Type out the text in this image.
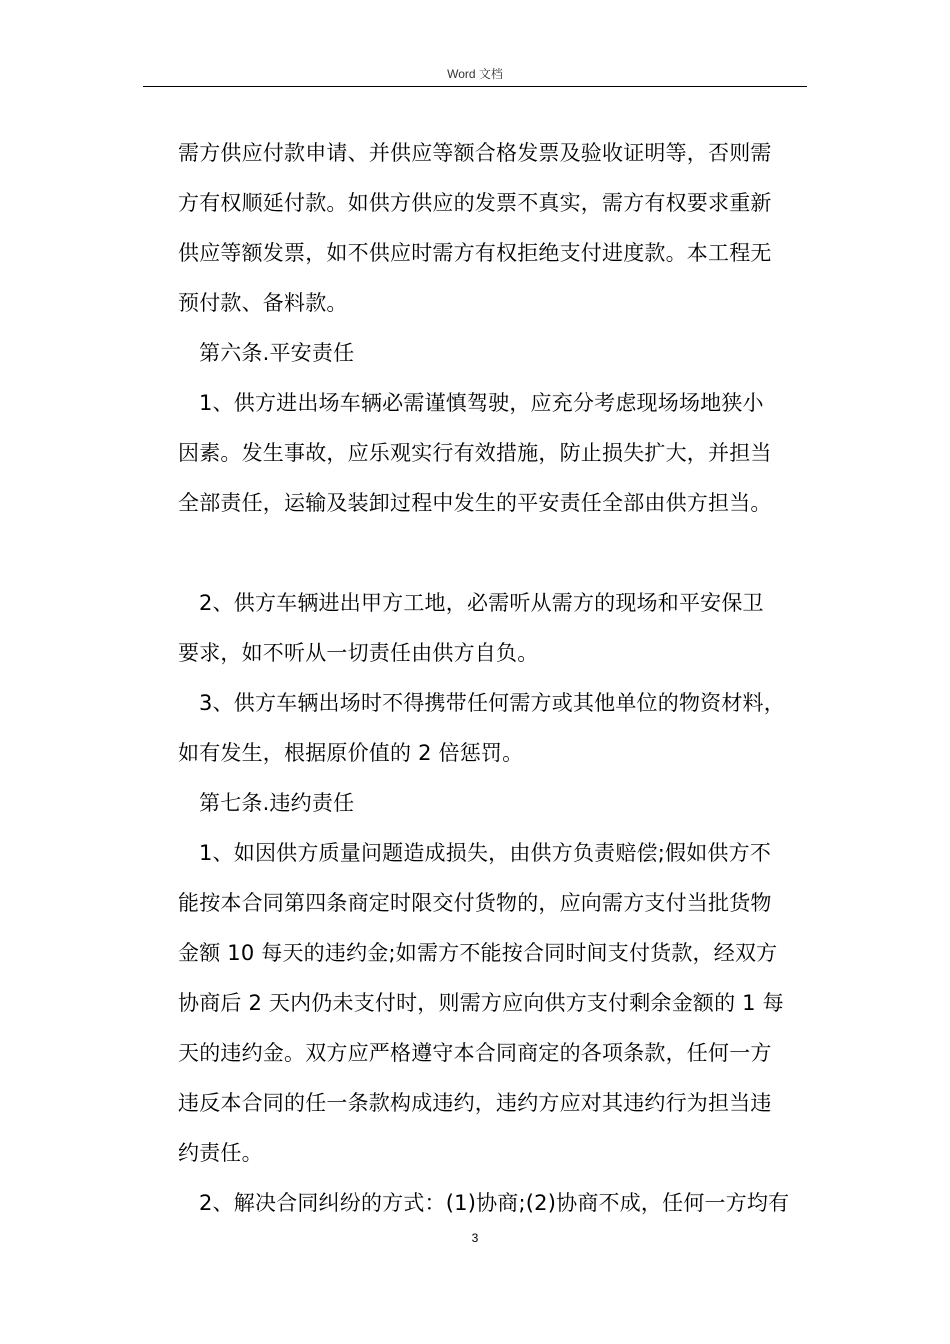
Word 文档
需方供应付款申请、并供应等额合格发票及验收证明等，否则需
方有权顺延付款。如供方供应的发票不真实，需方有权要求重新
供应等额发票，如不供应时需方有权拒绝支付进度款。本工程无
预付款、备料款。
第六条.平安责任
1、供方进出场车辆必需谨慎驾驶，应充分考虑现场场地狭小
因素。发生事故，应乐观实行有效措施，防止损失扩大，并担当
全部责任，运输及装卸过程中发生的平安责任全部由供方担当。
2、供方车辆进出甲方工地，必需听从需方的现场和平安保卫
要求，如不听从一切责任由供方自负。
3、供方车辆出场时不得携带任何需方或其他单位的物资材料，
如有发生，根据原价值的 2 倍惩罚。
第七条.违约责任
1、如因供方质量问题造成损失，由供方负责赔偿;假如供方不
能按本合同第四条商定时限交付货物的，应向需方支付当批货物
金额 10 每天的违约金;如需方不能按合同时间支付货款，经双方
协商后 2 天内仍未支付时，则需方应向供方支付剩余金额的 1 每
天的违约金。双方应严格遵守本合同商定的各项条款，任何一方
违反本合同的任一条款构成违约，违约方应对其违约行为担当违
约责任。
2、解决合同纠纷的方式：(1)协商;(2)协商不成，任何一方均有
3
